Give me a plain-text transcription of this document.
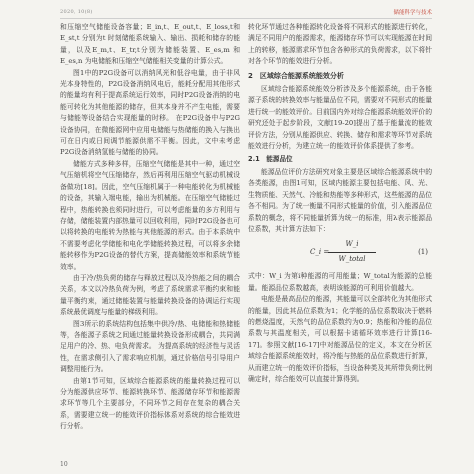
2020, 10(8)	储能科学与技术

和压缩空气储能设备容量；E_in,t、E_out,t、E_loss,t和E_st,t 分别为t 时刻储能系统输入、输出、损耗和储存的能量，以及E_m,t、E_tr,t分别为储能装置、E_es,m 和 E_es,n 为电储能和压缩空气储能相关变量的计算公式。

图1中的P2G设备可以消纳风光和低谷电量，由于非风光本身特性的，P2G设备消纳风电后，能耗分配用其他形式的能量均有利于提高系统运行效率，同时P2G设备消纳的电能可转化为其他能源的储存，但其本身并不产生电能，需要与储能等设备结合实现能量的时移。 在P2G设备中与P2G设备协同，在微能源网中应用电储能与热储能的换入与换出可在日内或日间调节能源供需不平衡。因此，文中未考虑P2G设备消纳氢能与储能的协同。

储能方式多种多样，压缩空气储能是其中一种，通过空气压缩机将空气压缩储存，然后再利用压缩空气驱动机械设备做功[18]。因此，空气压缩机属于一种电能转化为机械能的设备，其输入端电能，输出为机械能。在压缩空气储能过程中，热能转换也须同时进行，可以考虑能量的多方利用与存储，储能装置内部热量可以回收利用，同时P2G设备也可以将转换的电能转为热能与其他能源的形式。由于本系统中不需要考虑化学储能和电化学储能转换过程，可以将多余储能转移作为P2G设备的替代方案，提高储能效率和系统节能效率。

由于冷/热负荷的储存与释放过程以及冷热能之间的耦合关系，本文以冷热负荷为例，考虑了系统需求平衡约束和能量平衡约束，通过储能装置与能量转换设备的协调运行实现系统最优调度与能量的梯级利用。

图3所示的系统结构包括集中供冷/热、电储能和热储能等，各能源子系统之间通过能量转换设备形成耦合，共同满足用户的冷、热、电负荷需求。 为提高系统的经济性与灵活性，在需求侧引入了需求响应机制，通过价格信号引导用户调整用能行为。

由第1节可知，区域综合能源系统的能量转换过程可以分为能源供应环节、能源转换环节、能源储存环节和能源需求环节等几个主要部分，不同环节之间存在复杂的耦合关系，需要建立统一的能效评价指标体系对系统的综合能效进行分析。

转化环节通过各种能源转化设备将不同形式的能源进行转化，满足不同用户的能源需求，能源储存环节可以实现能源在时间上的转移，能源需求环节包含各种形式的负荷需求，以下将针对各个环节的能效进行分析。

2　区域综合能源系统能效分析

区域综合能源系统能效分析涉及多个能源系统，由于各能源子系统的转换效率与能量品位不同，需要对不同形式的能量进行统一的能效评价。目前国内外对综合能源系统能效评价的研究还处于起步阶段，文献[19-20]提出了基于能量流的能效评价方法，分别从能源供应、转换、储存和需求等环节对系统能效进行分析，为建立统一的能效评价体系提供了参考。

2.1　能源品位

能源品位评价方法研究对象主要是区域综合能源系统中的各类能源，由图1可知，区域内能源主要包括电能、风、光、生物质能、天然气、冷能和热能等多种形式，这些能源的品位各不相同。为了统一衡量不同形式能量的价值，引入能源品位系数的概念，将不同能量折算为统一的标准，用λ表示能源品位系数，其计算方法如下：

C_i =
W_i
W_total
(1)

式中：W_i 为第i种能源的可用能量；W_total为能源的总能量。能源品位系数越高，表明该能源的可利用价值越大。

电能是最高品位的能源，其能量可以全部转化为其他形式的能量，因此其品位系数为1；化学能的品位系数取决于燃料的燃烧温度，天然气的品位系数约为0.9；热能和冷能的品位系数与其温度相关，可以根据卡诺循环效率进行计算[16-17]。参照文献[16-17]中对能源品位的定义，本文在分析区域综合能源系统能效时，将冷能与热能的品位系数进行折算，从而建立统一的能效评价指标，当设备种类及其所带负荷比例确定时，综合能效可以直接计算得到。

10
